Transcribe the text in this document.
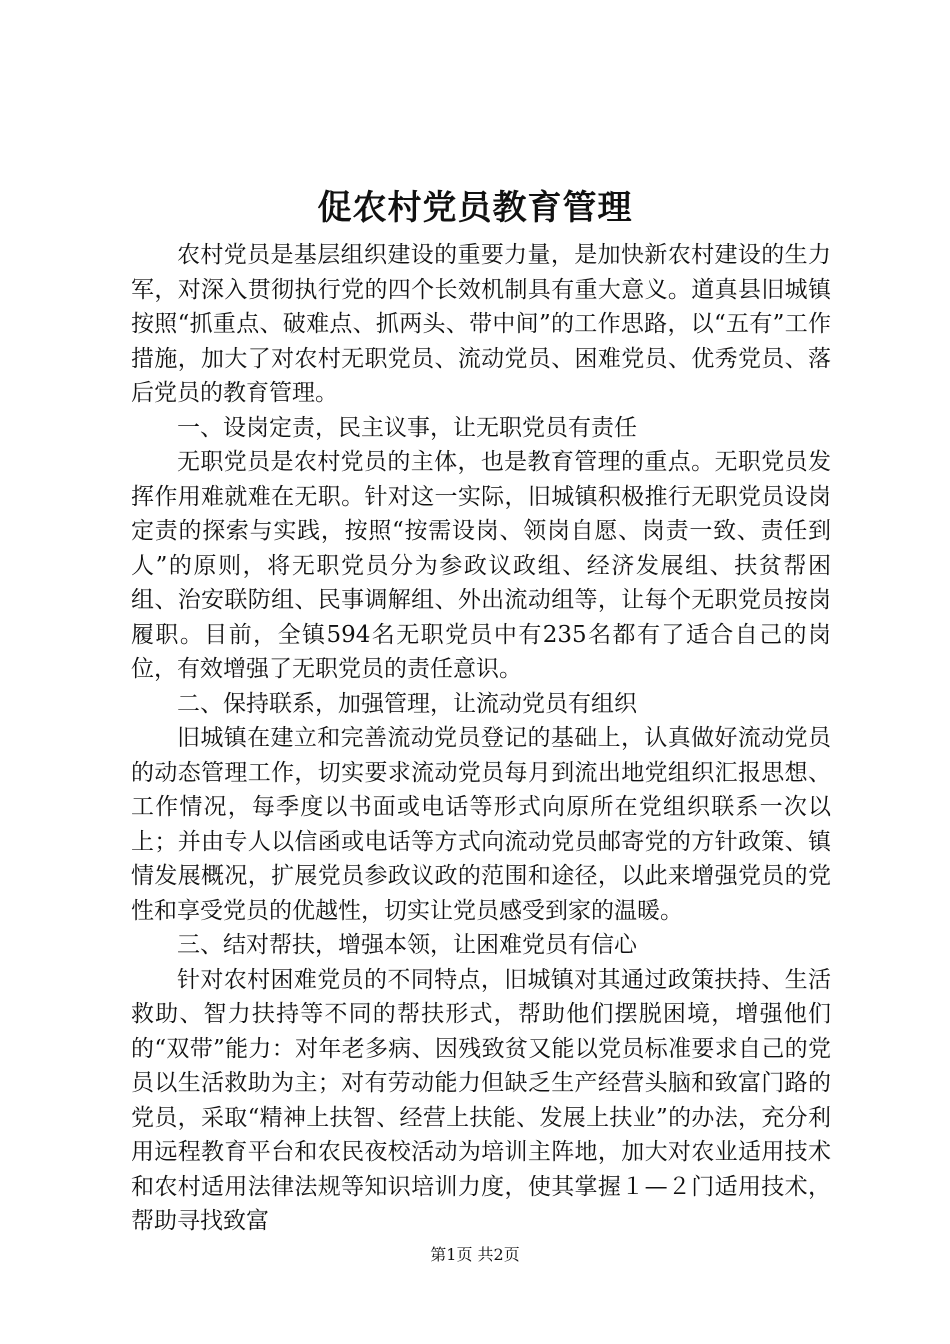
促农村党员教育管理

农村党员是基层组织建设的重要力量，是加快新农村建设的生力军，对深入贯彻执行党的四个长效机制具有重大意义。道真县旧城镇按照“抓重点、破难点、抓两头、带中间”的工作思路，以“五有”工作措施，加大了对农村无职党员、流动党员、困难党员、优秀党员、落后党员的教育管理。

一、设岗定责，民主议事，让无职党员有责任

无职党员是农村党员的主体，也是教育管理的重点。无职党员发挥作用难就难在无职。针对这一实际，旧城镇积极推行无职党员设岗定责的探索与实践，按照“按需设岗、领岗自愿、岗责一致、责任到人”的原则，将无职党员分为参政议政组、经济发展组、扶贫帮困组、治安联防组、民事调解组、外出流动组等，让每个无职党员按岗履职。目前，全镇594名无职党员中有235名都有了适合自己的岗位，有效增强了无职党员的责任意识。

二、保持联系，加强管理，让流动党员有组织

旧城镇在建立和完善流动党员登记的基础上，认真做好流动党员的动态管理工作，切实要求流动党员每月到流出地党组织汇报思想、工作情况，每季度以书面或电话等形式向原所在党组织联系一次以上；并由专人以信函或电话等方式向流动党员邮寄党的方针政策、镇情发展概况，扩展党员参政议政的范围和途径，以此来增强党员的党性和享受党员的优越性，切实让党员感受到家的温暖。

三、结对帮扶，增强本领，让困难党员有信心

针对农村困难党员的不同特点，旧城镇对其通过政策扶持、生活救助、智力扶持等不同的帮扶形式，帮助他们摆脱困境，增强他们的“双带”能力：对年老多病、因残致贫又能以党员标准要求自己的党员以生活救助为主；对有劳动能力但缺乏生产经营头脑和致富门路的党员，采取“精神上扶智、经营上扶能、发展上扶业”的办法，充分利用远程教育平台和农民夜校活动为培训主阵地，加大对农业适用技术和农村适用法律法规等知识培训力度，使其掌握１—２门适用技术，帮助寻找致富

第1页 共2页
